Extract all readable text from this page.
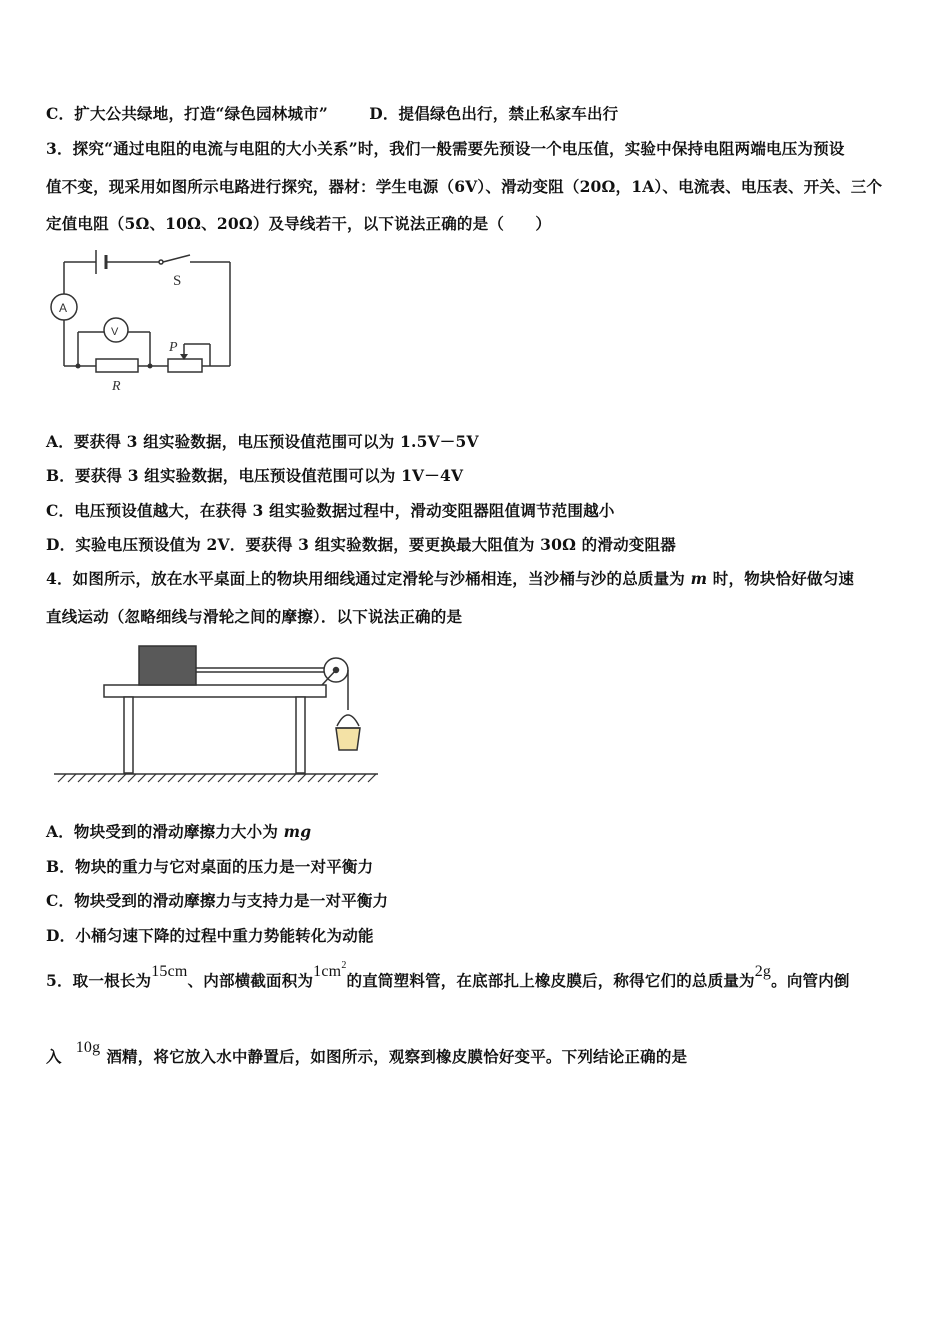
C．扩大公共绿地，打造“绿色园林城市”	D．提倡绿色出行，禁止私家车出行
3．探究“通过电阻的电流与电阻的大小关系”时，我们一般需要先预设一个电压值，实验中保持电阻两端电压为预设
值不变，现采用如图所示电路进行探究，器材：学生电源（6V）、滑动变阻（20Ω，1A）、电流表、电压表、开关、三个
定值电阻（5Ω、10Ω、20Ω）及导线若干，以下说法正确的是（　　）
S
A
V
P
R
A．要获得 3 组实验数据，电压预设值范围可以为 1.5V－5V
B．要获得 3 组实验数据，电压预设值范围可以为 1V－4V
C．电压预设值越大，在获得 3 组实验数据过程中，滑动变阻器阻值调节范围越小
D．实验电压预设值为 2V．要获得 3 组实验数据，要更换最大阻值为 30Ω 的滑动变阻器
4．如图所示，放在水平桌面上的物块用细线通过定滑轮与沙桶相连，当沙桶与沙的总质量为 m 时，物块恰好做匀速
直线运动（忽略细线与滑轮之间的摩擦）．以下说法正确的是
A．物块受到的滑动摩擦力大小为 mg
B．物块的重力与它对桌面的压力是一对平衡力
C．物块受到的滑动摩擦力与支持力是一对平衡力
D．小桶匀速下降的过程中重力势能转化为动能
5．取一根长为15cm、内部横截面积为$1cm^2$的直筒塑料管，在底部扎上橡皮膜后，称得它们的总质量为2g。向管内倒
入 10g 酒精，将它放入水中静置后，如图所示，观察到橡皮膜恰好变平。下列结论正确的是
